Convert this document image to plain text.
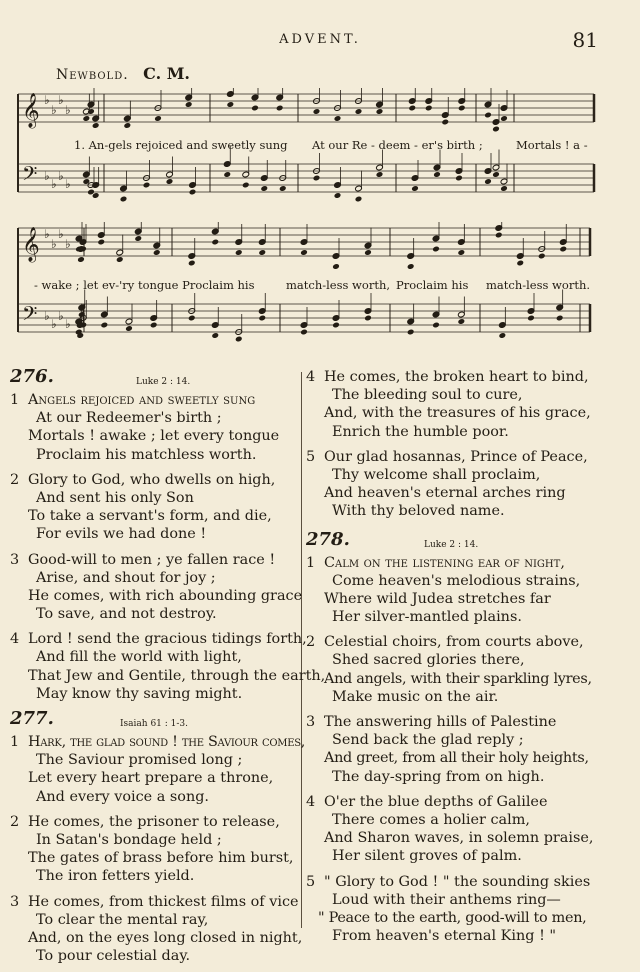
ADVENT.	81
Newbold. C. M.
𝄞 ♭
♭
♭
♭
𝄢 ♭
♭
♭
♭
1. An-gels rejoiced and sweetly sung At our Re - deem - er's birth ;	Mortals ! a -
𝄞 ♭
♭
♭
♭
𝄢 ♭
♭
♭
♭
- wake ; let ev-'ry tongue Proclaim his	match-less worth, Proclaim his match-less worth.
276.	Luke 2 : 14.
1 Angels rejoiced and sweetly sung
At our Redeemer's birth ;
Mortals ! awake ; let every tongue
Proclaim his matchless worth.
2 Glory to God, who dwells on high,
And sent his only Son
To take a servant's form, and die,
For evils we had done !
3 Good-will to men ; ye fallen race !
Arise, and shout for joy ;
He comes, with rich abounding grace
To save, and not destroy.
4 Lord ! send the gracious tidings forth,
And fill the world with light,
That Jew and Gentile, through the earth,
May know thy saving might.
277.	Isaiah 61 : 1-3.
1 Hark, the glad sound ! the Saviour comes,
The Saviour promised long ;
Let every heart prepare a throne,
And every voice a song.
2 He comes, the prisoner to release,
In Satan's bondage held ;
The gates of brass before him burst,
The iron fetters yield.
3 He comes, from thickest films of vice
To clear the mental ray,
And, on the eyes long closed in night,
To pour celestial day.
4 He comes, the broken heart to bind,
The bleeding soul to cure,
And, with the treasures of his grace,
Enrich the humble poor.
5 Our glad hosannas, Prince of Peace,
Thy welcome shall proclaim,
And heaven's eternal arches ring
With thy beloved name.
278.	Luke 2 : 14.
1 Calm on the listening ear of night,
Come heaven's melodious strains,
Where wild Judea stretches far
Her silver-mantled plains.
2 Celestial choirs, from courts above,
Shed sacred glories there,
And angels, with their sparkling lyres,
Make music on the air.
3 The answering hills of Palestine
Send back the glad reply ;
And greet, from all their holy heights,
The day-spring from on high.
4 O'er the blue depths of Galilee
There comes a holier calm,
And Sharon waves, in solemn praise,
Her silent groves of palm.
5 " Glory to God ! " the sounding skies
Loud with their anthems ring—
" Peace to the earth, good-will to men,
From heaven's eternal King ! "
